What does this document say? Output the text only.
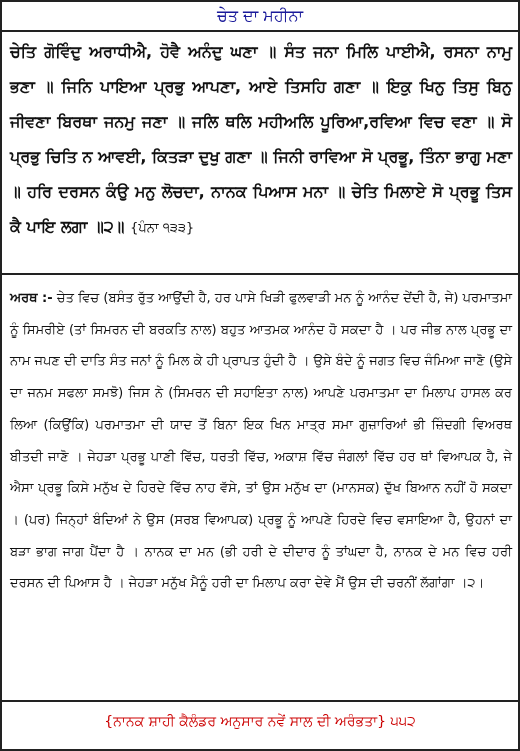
ਚੇਤ ਦਾ ਮਹੀਨਾ
ਚੇਤਿ ਗੋਵਿੰਦੁ ਅਰਾਧੀਐ, ਹੋਵੈ ਅਨੰਦੁ ਘਣਾ ॥ ਸੰਤ ਜਨਾ ਮਿਲਿ ਪਾਈਐ, ਰਸਨਾ ਨਾਮੁ ਭਣਾ ॥ ਜਿਨਿ ਪਾਇਆ ਪ੍ਰਭੁ ਆਪਣਾ, ਆਏ ਤਿਸਹਿ ਗਣਾ ॥ ਇਕੁ ਖਿਨੁ ਤਿਸੁ ਬਿਨੁ ਜੀਵਣਾ ਬਿਰਥਾ ਜਨਮੁ ਜਣਾ ॥ ਜਲਿ ਥਲਿ ਮਹੀਅਲਿ ਪੂਰਿਆ,ਰਵਿਆ ਵਿਚ ਵਣਾ ॥ ਸੋ ਪ੍ਰਭੁ ਚਿਤਿ ਨ ਆਵਈ, ਕਿਤੜਾ ਦੁਖੁ ਗਣਾ ॥ ਜਿਨੀ ਰਾਵਿਆ ਸੋ ਪ੍ਰਭੂ, ਤਿੰਨਾ ਭਾਗੁ ਮਣਾ ॥ ਹਰਿ ਦਰਸਨ ਕੰਉ ਮਨੁ ਲੋਚਦਾ, ਨਾਨਕ ਪਿਆਸ ਮਨਾ ॥ ਚੇਤਿ ਮਿਲਾਏ ਸੋ ਪ੍ਰਭੂ ਤਿਸ ਕੈ ਪਾਇ ਲਗਾ ॥੨॥ {ਪੰਨਾ ੧੩੩}
ਅਰਥ :- ਚੇਤ ਵਿਚ (ਬਸੰਤ ਰੁੱਤ ਆਉਂਦੀ ਹੈ, ਹਰ ਪਾਸੇ ਖਿੜੀ ਫੁਲਵਾੜੀ ਮਨ ਨੂੰ ਆਨੰਦ ਦੇਂਦੀ ਹੈ, ਜੇ) ਪਰਮਾਤਮਾ ਨੂੰ ਸਿਮਰੀਏ (ਤਾਂ ਸਿਮਰਨ ਦੀ ਬਰਕਤਿ ਨਾਲ) ਬਹੁਤ ਆਤਮਕ ਆਨੰਦ ਹੋ ਸਕਦਾ ਹੈ । ਪਰ ਜੀਭ ਨਾਲ ਪ੍ਰਭੂ ਦਾ ਨਾਮ ਜਪਣ ਦੀ ਦਾਤਿ ਸੰਤ ਜਨਾਂ ਨੂੰ ਮਿਲ ਕੇ ਹੀ ਪ੍ਰਾਪਤ ਹੁੰਦੀ ਹੈ । ਉਸੇ ਬੰਦੇ ਨੂੰ ਜਗਤ ਵਿਚ ਜੰਮਿਆ ਜਾਣੋ (ਉਸੇ ਦਾ ਜਨਮ ਸਫਲਾ ਸਮਝੋ) ਜਿਸ ਨੇ (ਸਿਮਰਨ ਦੀ ਸਹਾਇਤਾ ਨਾਲ) ਆਪਣੇ ਪਰਮਾਤਮਾ ਦਾ ਮਿਲਾਪ ਹਾਸਲ ਕਰ ਲਿਆ (ਕਿਉਂਕਿ) ਪਰਮਾਤਮਾ ਦੀ ਯਾਦ ਤੋਂ ਬਿਨਾ ਇਕ ਖਿਨ ਮਾਤ੍ਰ ਸਮਾ ਗੁਜ਼ਾਰਿਆਂ ਭੀ ਜ਼ਿੰਦਗੀ ਵਿਅਰਥ ਬੀਤਦੀ ਜਾਣੋ । ਜੇਹੜਾ ਪ੍ਰਭੂ ਪਾਣੀ ਵਿੱਚ, ਧਰਤੀ ਵਿੱਚ, ਅਕਾਸ਼ ਵਿੱਚ ਜੰਗਲਾਂ ਵਿੱਚ ਹਰ ਥਾਂ ਵਿਆਪਕ ਹੈ, ਜੇ ਐਸਾ ਪ੍ਰਭੂ ਕਿਸੇ ਮਨੁੱਖ ਦੇ ਹਿਰਦੇ ਵਿੱਚ ਨਾਹ ਵੱਸੇ, ਤਾਂ ਉਸ ਮਨੁੱਖ ਦਾ (ਮਾਨਸਕ) ਦੁੱਖ ਬਿਆਨ ਨਹੀਂ ਹੋ ਸਕਦਾ । (ਪਰ) ਜਿਨ੍ਹਾਂ ਬੰਦਿਆਂ ਨੇ ਉਸ (ਸਰਬ ਵਿਆਪਕ) ਪ੍ਰਭੂ ਨੂੰ ਆਪਣੇ ਹਿਰਦੇ ਵਿਚ ਵਸਾਇਆ ਹੈ, ਉਹਨਾਂ ਦਾ ਬੜਾ ਭਾਗ ਜਾਗ ਪੈਂਦਾ ਹੈ । ਨਾਨਕ ਦਾ ਮਨ (ਭੀ ਹਰੀ ਦੇ ਦੀਦਾਰ ਨੂੰ ਤਾਂਘਦਾ ਹੈ, ਨਾਨਕ ਦੇ ਮਨ ਵਿਚ ਹਰੀ ਦਰਸਨ ਦੀ ਪਿਆਸ ਹੈ । ਜੇਹੜਾ ਮਨੁੱਖ ਮੈਨੂੰ ਹਰੀ ਦਾ ਮਿਲਾਪ ਕਰਾ ਦੇਵੇ ਮੈਂ ਉਸ ਦੀ ਚਰਨੀਂ ਲੱਗਾਂਗਾ ।੨।
{ਨਾਨਕ ਸ਼ਾਹੀ ਕੈਲੰਡਰ ਅਨੁਸਾਰ ਨਵੇਂ ਸਾਲ ਦੀ ਅਰੰਭਤਾ} ੫੫੨
